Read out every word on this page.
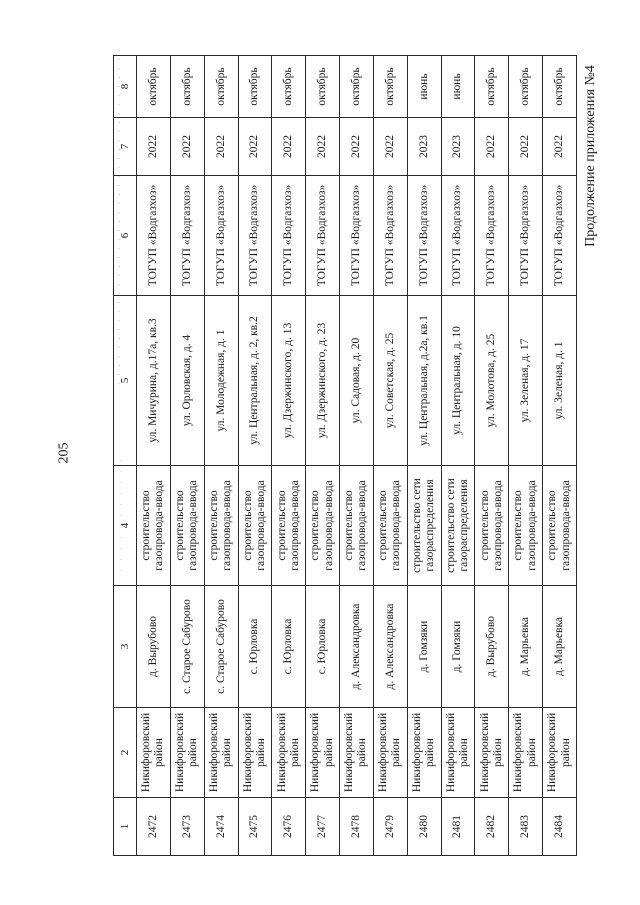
205
Продолжение приложения №4
1	2	3	4	5	6	7	8
2472	Никифоровский район	д. Вырубово	строительство газопровода-ввода	ул. Мичурина, д.17а, кв.3	ТОГУП «Водгазхоз»	2022	октябрь
2473	Никифоровский район	с. Старое Сабурово	строительство газопровода-ввода	ул. Орловская, д. 4	ТОГУП «Водгазхоз»	2022	октябрь
2474	Никифоровский район	с. Старое Сабурово	строительство газопровода-ввода	ул. Молодежная, д. 1	ТОГУП «Водгазхоз»	2022	октябрь
2475	Никифоровский район	с. Юрловка	строительство газопровода-ввода	ул. Центральная, д. 2, кв.2	ТОГУП «Водгазхоз»	2022	октябрь
2476	Никифоровский район	с. Юрловка	строительство газопровода-ввода	ул. Дзержинского, д. 13	ТОГУП «Водгазхоз»	2022	октябрь
2477	Никифоровский район	с. Юрловка	строительство газопровода-ввода	ул. Дзержинского, д. 23	ТОГУП «Водгазхоз»	2022	октябрь
2478	Никифоровский район	д. Александровка	строительство газопровода-ввода	ул. Садовая, д. 20	ТОГУП «Водгазхоз»	2022	октябрь
2479	Никифоровский район	д. Александровка	строительство газопровода-ввода	ул. Советская, д. 25	ТОГУП «Водгазхоз»	2022	октябрь
2480	Никифоровский район	д. Гомзяки	строительство сети газораспределения	ул. Центральная, д.2а, кв.1	ТОГУП «Водгазхоз»	2023	июнь
2481	Никифоровский район	д. Гомзяки	строительство сети газораспределения	ул. Центральная, д. 10	ТОГУП «Водгазхоз»	2023	июнь
2482	Никифоровский район	д. Вырубово	строительство газопровода-ввода	ул. Молотова, д. 25	ТОГУП «Водгазхоз»	2022	октябрь
2483	Никифоровский район	д. Марьевка	строительство газопровода-ввода	ул. Зеленая, д. 17	ТОГУП «Водгазхоз»	2022	октябрь
2484	Никифоровский район	д. Марьевка	строительство газопровода-ввода	ул. Зеленая, д. 1	ТОГУП «Водгазхоз»	2022	октябрь
